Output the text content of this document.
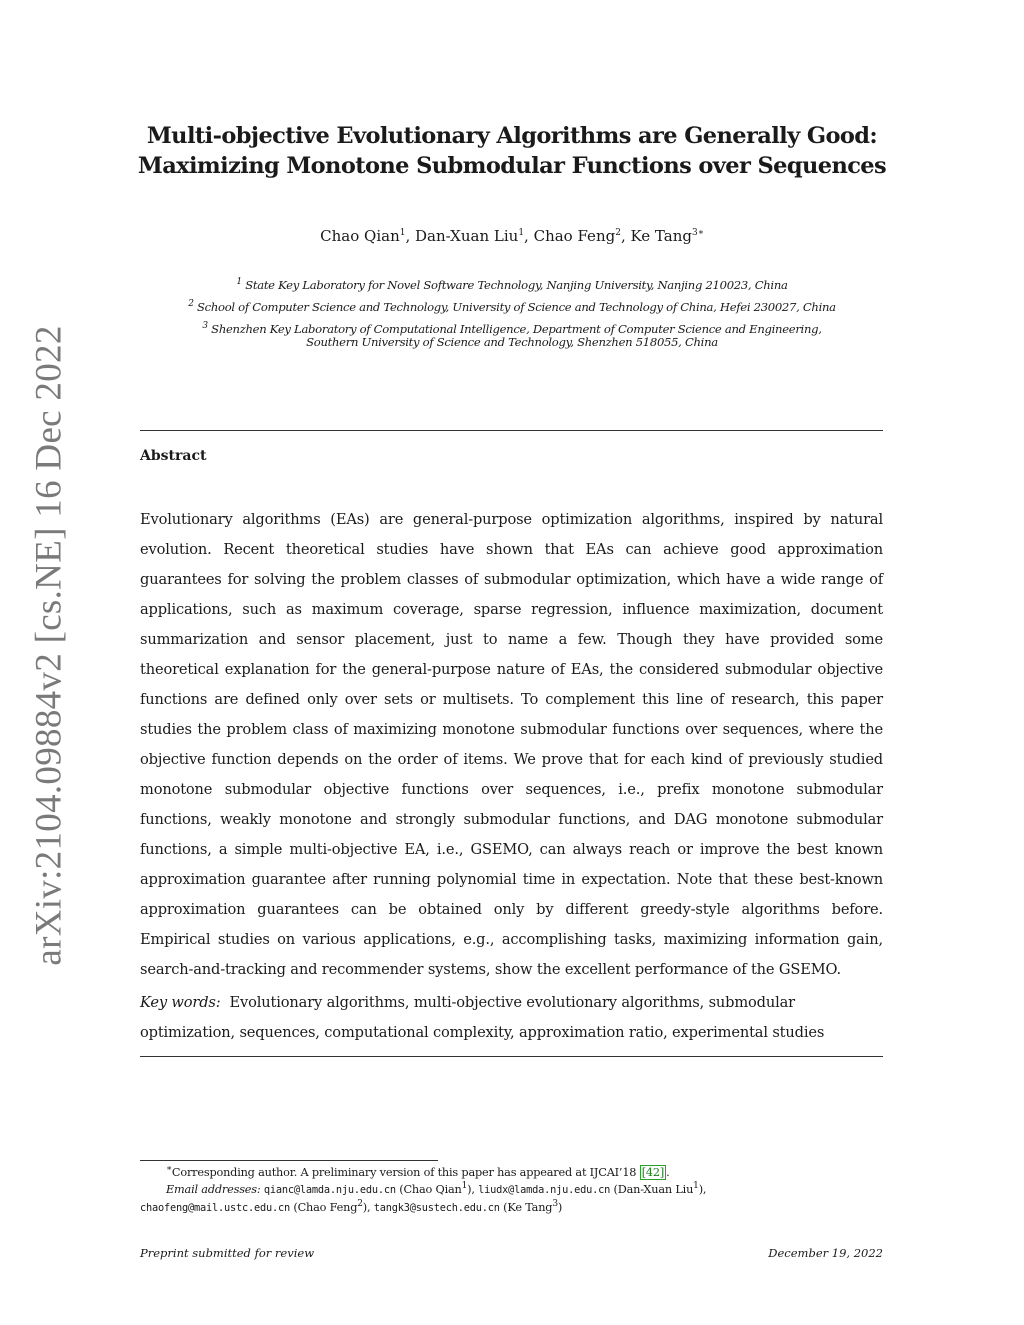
arXiv:2104.09884v2 [cs.NE] 16 Dec 2022
Multi-objective Evolutionary Algorithms are Generally Good:
Maximizing Monotone Submodular Functions over Sequences
Chao Qian$^1$, Dan-Xuan Liu$^1$, Chao Feng$^2$, Ke Tang$^{3∗}$
$^1$ State Key Laboratory for Novel Software Technology, Nanjing University, Nanjing 210023, China
$^2$ School of Computer Science and Technology, University of Science and Technology of China, Hefei 230027, China
$^3$ Shenzhen Key Laboratory of Computational Intelligence, Department of Computer Science and Engineering,
Southern University of Science and Technology, Shenzhen 518055, China
Abstract
Evolutionary algorithms (EAs) are general-purpose optimization algorithms, inspired by natural evolution. Recent theoretical studies have shown that EAs can achieve good approximation guarantees for solving the problem classes of submodular optimization, which have a wide range of applications, such as maximum coverage, sparse regression, influence maximization, document summarization and sensor placement, just to name a few. Though they have provided some theoretical explanation for the general-purpose nature of EAs, the considered submodular objective functions are defined only over sets or multisets. To complement this line of research, this paper studies the problem class of maximizing monotone submodular functions over sequences, where the objective function depends on the order of items. We prove that for each kind of previously studied monotone submodular objective functions over sequences, i.e., prefix monotone submodular functions, weakly monotone and strongly submodular functions, and DAG monotone submodular functions, a simple multi-objective EA, i.e., GSEMO, can always reach or improve the best known approximation guarantee after running polynomial time in expectation. Note that these best-known approximation guarantees can be obtained only by different greedy-style algorithms before. Empirical studies on various applications, e.g., accomplishing tasks, maximizing information gain, search-and-tracking and recommender systems, show the excellent performance of the GSEMO.
Key words: Evolutionary algorithms, multi-objective evolutionary algorithms, submodular optimization, sequences, computational complexity, approximation ratio, experimental studies
∗Corresponding author. A preliminary version of this paper has appeared at IJCAI’18 [42] .
Email addresses: qianc@lamda.nju.edu.cn (Chao Qian$^1$), liudx@lamda.nju.edu.cn (Dan-Xuan Liu$^1$),
chaofeng@mail.ustc.edu.cn (Chao Feng$^2$), tangk3@sustech.edu.cn (Ke Tang$^3$)
Preprint submitted for review	December 19, 2022
